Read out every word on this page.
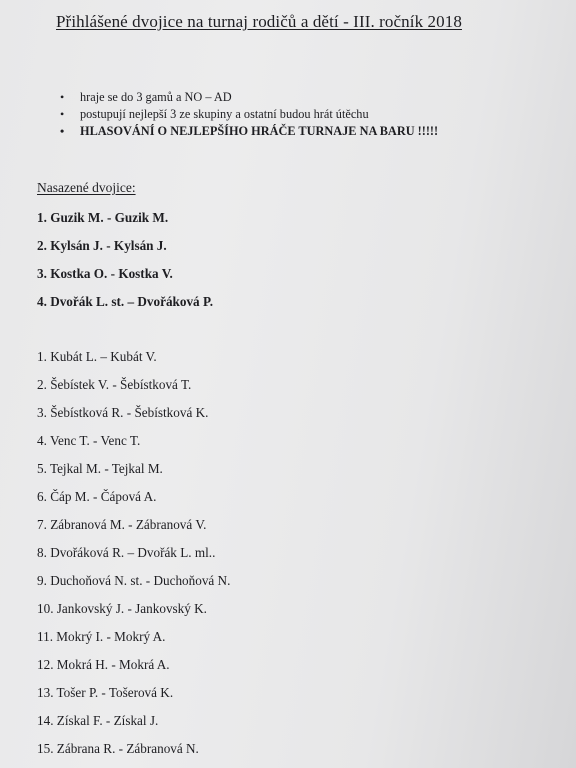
Přihlášené dvojice na turnaj rodičů a dětí - III. ročník 2018
• hraje se do 3 gamů a NO – AD
• postupují nejlepší 3 ze skupiny a ostatní budou hrát útěchu
• HLASOVÁNÍ O NEJLEPŠÍHO HRÁČE TURNAJE NA BARU !!!!!
Nasazené dvojice:
1. Guzik M. - Guzik M.
2. Kylsán J. - Kylsán J.
3. Kostka O. - Kostka V.
4. Dvořák L. st. – Dvořáková P.
1. Kubát L. – Kubát V.
2. Šebístek V. - Šebístková T.
3. Šebístková R. - Šebístková K.
4. Venc T. - Venc T.
5. Tejkal M. - Tejkal M.
6. Čáp M. - Čápová A.
7. Zábranová M. - Zábranová V.
8. Dvořáková R. – Dvořák L. ml..
9. Duchoňová N. st. - Duchoňová N.
10. Jankovský J. - Jankovský K.
11. Mokrý I. - Mokrý A.
12. Mokrá H. - Mokrá A.
13. Tošer P. - Tošerová K.
14. Získal F. - Získal J.
15. Zábrana R. - Zábranová N.
